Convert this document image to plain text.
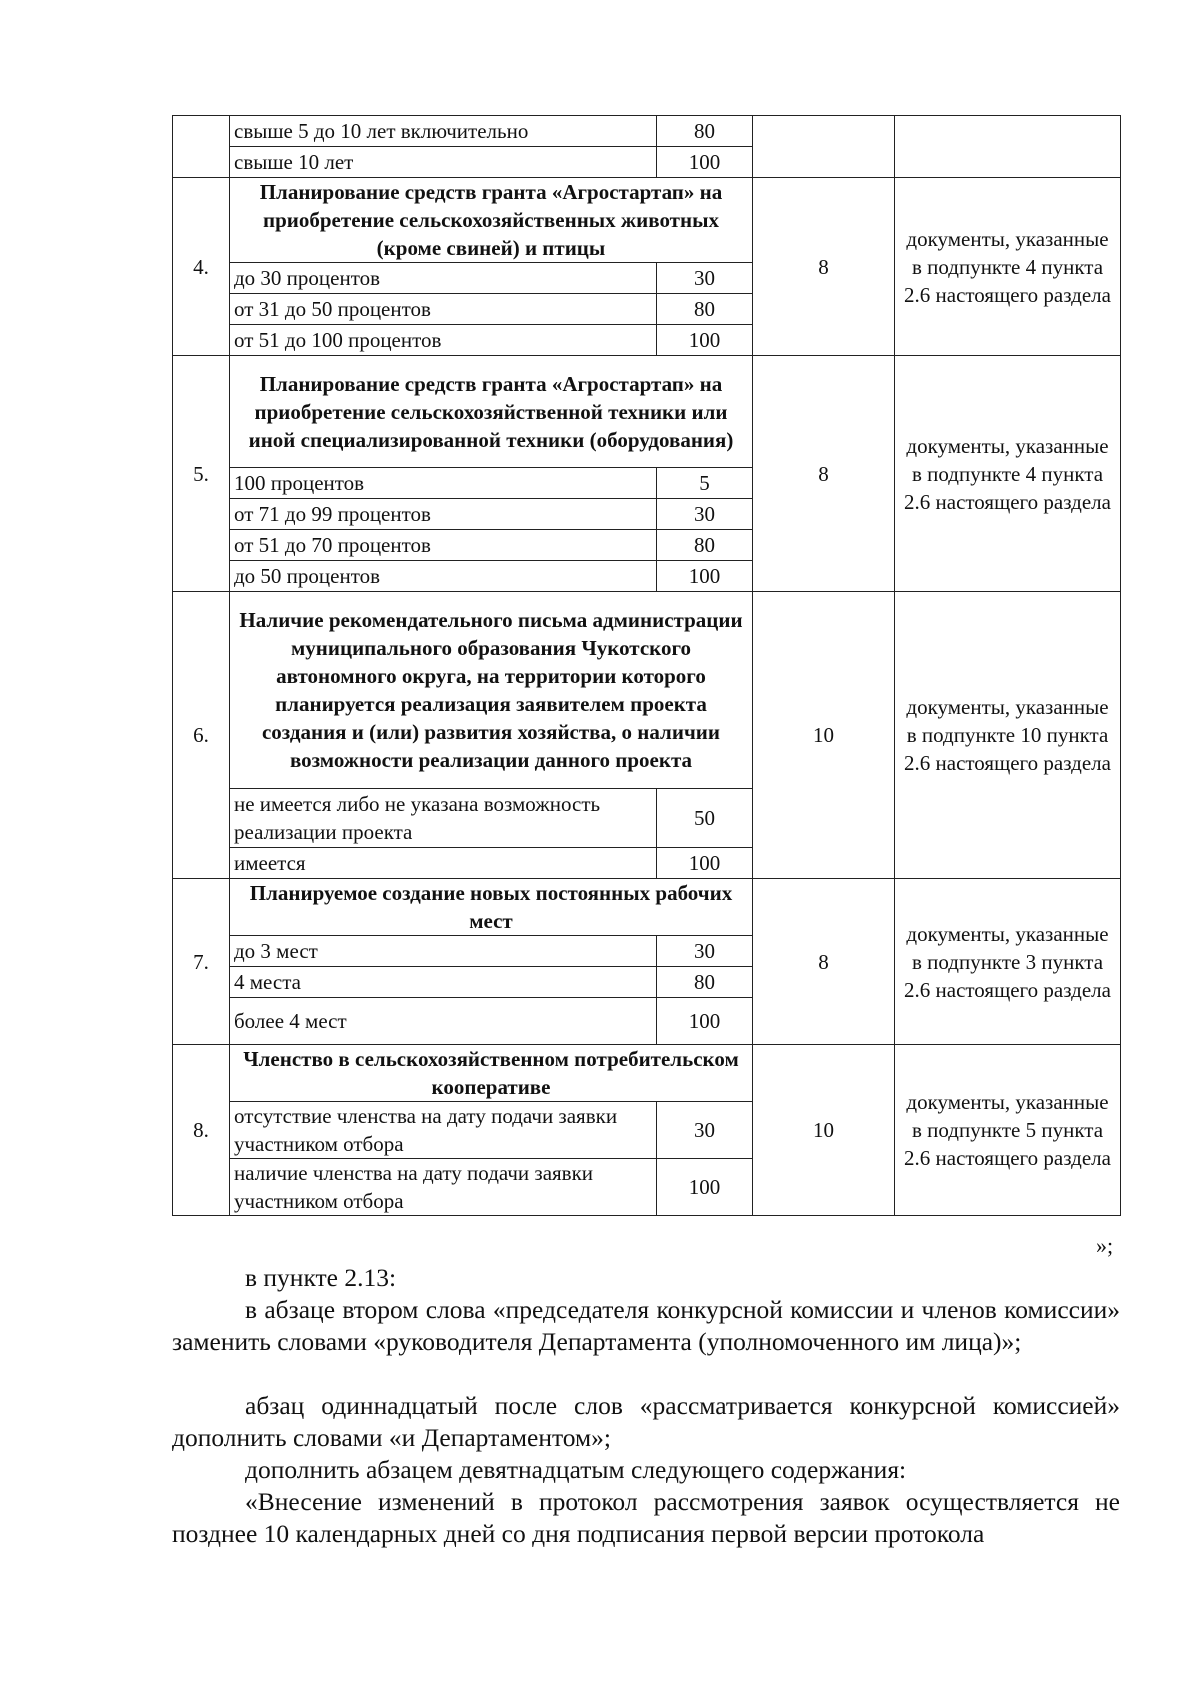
	свыше 5 до 10 лет включительно	80		
	свыше 10 лет	100		
4.	Планирование средств гранта «Агростартап» на приобретение сельскохозяйственных животных (кроме свиней) и птицы		8	документы, указанные в подпункте 4 пункта 2.6 настоящего раздела
	до 30 процентов	30		
	от 31 до 50 процентов	80		
	от 51 до 100 процентов	100		
5.	Планирование средств гранта «Агростартап» на приобретение сельскохозяйственной техники или иной специализированной техники (оборудования)		8	документы, указанные в подпункте 4 пункта 2.6 настоящего раздела
	100 процентов	5		
	от 71 до 99 процентов	30		
	от 51 до 70 процентов	80		
	до 50 процентов	100		
6.	Наличие рекомендательного письма администрации муниципального образования Чукотского автономного округа, на территории которого планируется реализация заявителем проекта создания и (или) развития хозяйства, о наличии возможности реализации данного проекта		10	документы, указанные в подпункте 10 пункта 2.6 настоящего раздела
	не имеется либо не указана возможность реализации проекта	50		
	имеется	100		
7.	Планируемое создание новых постоянных рабочих мест		8	документы, указанные в подпункте 3 пункта 2.6 настоящего раздела
	до 3 мест	30		
	4 места	80		
	более 4 мест	100		
8.	Членство в сельскохозяйственном потребительском кооперативе		10	документы, указанные в подпункте 5 пункта 2.6 настоящего раздела
	отсутствие членства на дату подачи заявки участником отбора	30		
	наличие членства на дату подачи заявки участником отбора	100		
»;
в пункте 2.13:
в абзаце втором слова «председателя конкурсной комиссии и членов комиссии» заменить словами «руководителя Департамента (уполномоченного им лица)»;
абзац одиннадцатый после слов «рассматривается конкурсной комиссией» дополнить словами «и Департаментом»;
дополнить абзацем девятнадцатым следующего содержания:
«Внесение изменений в протокол рассмотрения заявок осуществляется не позднее 10 календарных дней со дня подписания первой версии протокола
